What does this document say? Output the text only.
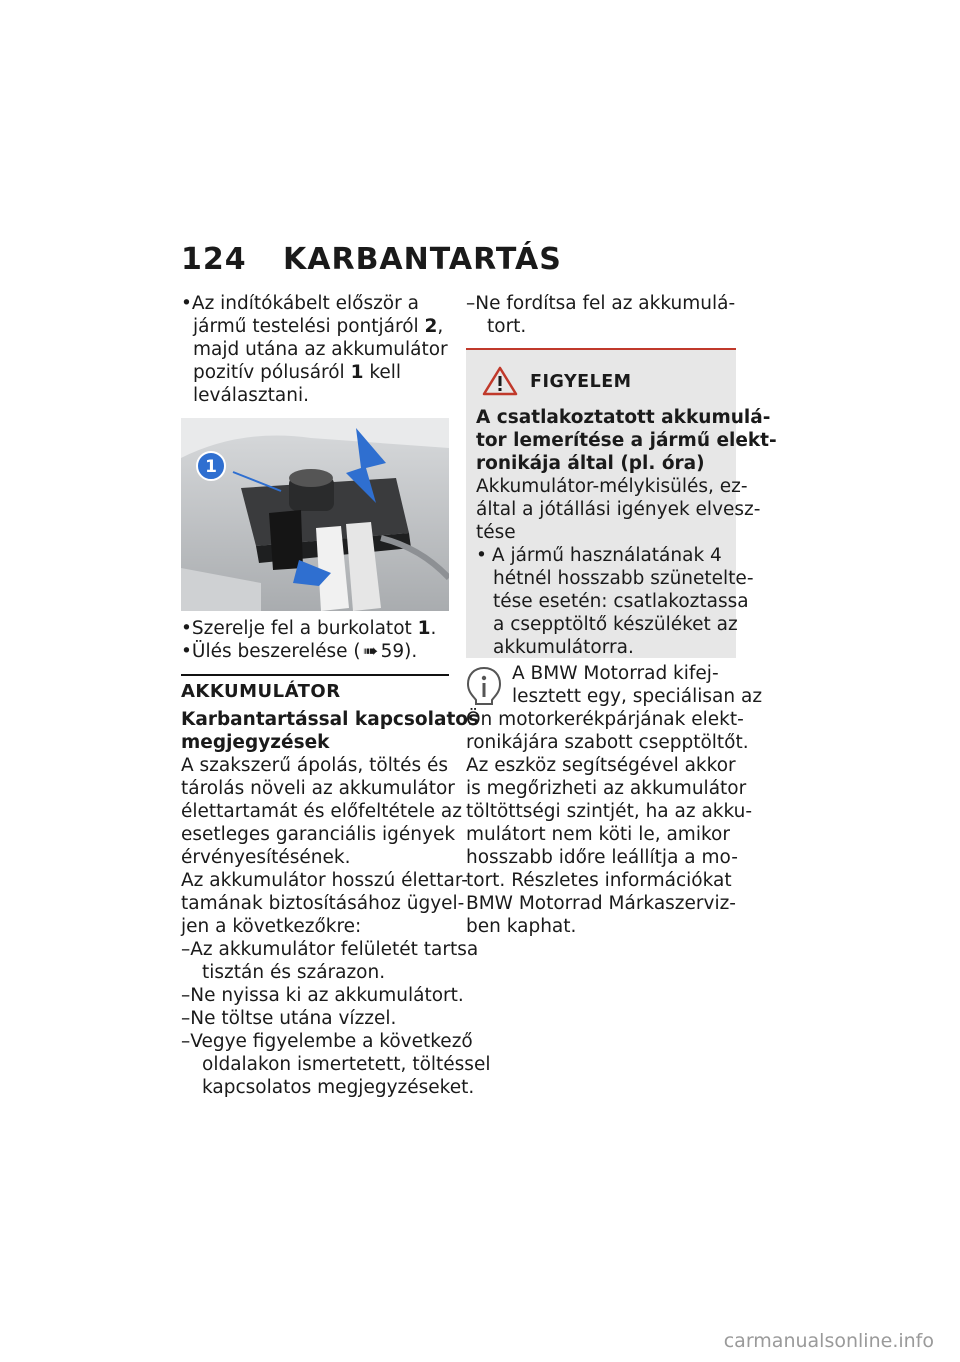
124 KARBANTARTÁS
•Az indítókábelt először a
jármű testelési pontjáról 2,
majd utána az akkumulátor
pozitív pólusáról 1 kell
leválasztani.
1
•Szerelje fel a burkolatot 1.
•Ülés beszerelése ( ➠ 59).
AKKUMULÁTOR
Karbantartással kapcsolatos
megjegyzések
A szakszerű ápolás, töltés és
tárolás növeli az akkumulátor
élettartamát és előfeltétele az
esetleges garanciális igények
érvényesítésének.
Az akkumulátor hosszú élettar-
tamának biztosításához ügyel-
jen a következőkre:
–Az akkumulátor felületét tartsa
tisztán és szárazon.
–Ne nyissa ki az akkumulátort.
–Ne töltse utána vízzel.
–Vegye figyelembe a következő
oldalakon ismertetett, töltéssel
kapcsolatos megjegyzéseket.
–Ne fordítsa fel az akkumulá-
tort.
FIGYELEM
A csatlakoztatott akkumulá-
tor lemerítése a jármű elekt-
ronikája által (pl. óra)
Akkumulátor-mélykisülés, ez-
által a jótállási igények elvesz-
tése
• A jármű használatának 4
hétnél hosszabb szünetelte-
tése esetén: csatlakoztassa
a csepptöltő készüléket az
akkumulátorra.
A BMW Motorrad kifej-
lesztett egy, speciálisan az
Ön motorkerékpárjának elekt-
ronikájára szabott csepptöltőt.
Az eszköz segítségével akkor
is megőrizheti az akkumulátor
töltöttségi szintjét, ha az akku-
mulátort nem köti le, amikor
hosszabb időre leállítja a mo-
tort. Részletes információkat
BMW Motorrad Márkaszerviz-
ben kaphat.
carmanualsonline.info
